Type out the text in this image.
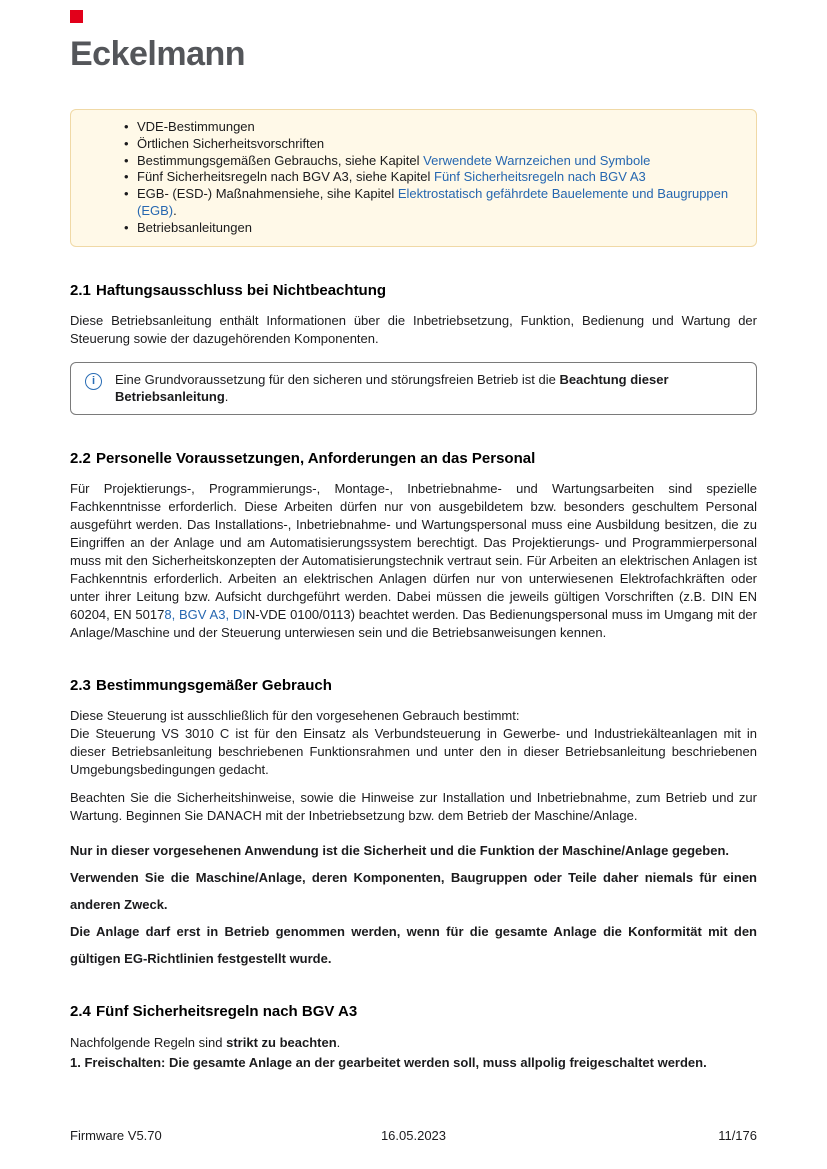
Eckelmann
• VDE-Bestimmungen
• Örtlichen Sicherheitsvorschriften
• Bestimmungsgemäßen Gebrauchs, siehe Kapitel Verwendete Warnzeichen und Symbole
• Fünf Sicherheitsregeln nach BGV A3, siehe Kapitel Fünf Sicherheitsregeln nach BGV A3
• EGB- (ESD-) Maßnahmensiehe, sihe Kapitel Elektrostatisch gefährdete Bauelemente und Baugruppen (EGB).
• Betriebsanleitungen
2.1 Haftungsausschluss bei Nichtbeachtung

Diese Betriebsanleitung enthält Informationen über die Inbetriebsetzung, Funktion, Bedienung und Wartung der Steuerung sowie der dazugehörenden Komponenten.

i	Eine Grundvoraussetzung für den sicheren und störungsfreien Betrieb ist die Beachtung dieser Betriebsanleitung.

2.2 Personelle Voraussetzungen, Anforderungen an das Personal

Für Projektierungs-, Programmierungs-, Montage-, Inbetriebnahme- und Wartungsarbeiten sind spezielle Fachkenntnisse erforderlich. Diese Arbeiten dürfen nur von ausgebildetem bzw. besonders geschultem Personal ausgeführt werden. Das Installations-, Inbetriebnahme- und Wartungspersonal muss eine Ausbildung besitzen, die zu Eingriffen an der Anlage und am Automatisierungssystem berechtigt. Das Projektierungs- und Programmierpersonal muss mit den Sicherheitskonzepten der Automatisierungstechnik vertraut sein. Für Arbeiten an elektrischen Anlagen ist Fachkenntnis erforderlich. Arbeiten an elektrischen Anlagen dürfen nur von unterwiesenen Elektrofachkräften oder unter ihrer Leitung bzw. Aufsicht durchgeführt werden. Dabei müssen die jeweils gültigen Vorschriften (z.B. DIN EN 60204, EN 50178, BGV A3, DIN-VDE 0100/0113) beachtet werden. Das Bedienungspersonal muss im Umgang mit der Anlage/Maschine und der Steuerung unterwiesen sein und die Betriebsanweisungen kennen.

2.3 Bestimmungsgemäßer Gebrauch

Diese Steuerung ist ausschließlich für den vorgesehenen Gebrauch bestimmt:
Die Steuerung VS 3010 C ist für den Einsatz als Verbundsteuerung in Gewerbe- und Industriekälteanlagen mit in dieser Betriebsanleitung beschriebenen Funktionsrahmen und unter den in dieser Betriebsanleitung beschriebenen Umgebungsbedingungen gedacht.

Beachten Sie die Sicherheitshinweise, sowie die Hinweise zur Installation und Inbetriebnahme, zum Betrieb und zur Wartung. Beginnen Sie DANACH mit der Inbetriebsetzung bzw. dem Betrieb der Maschine/Anlage.

Nur in dieser vorgesehenen Anwendung ist die Sicherheit und die Funktion der Maschine/Anlage gegeben.

Verwenden Sie die Maschine/Anlage, deren Komponenten, Baugruppen oder Teile daher niemals für einen anderen Zweck.

Die Anlage darf erst in Betrieb genommen werden, wenn für die gesamte Anlage die Konformität mit den gültigen EG-Richtlinien festgestellt wurde.

2.4 Fünf Sicherheitsregeln nach BGV A3

Nachfolgende Regeln sind strikt zu beachten.

1. Freischalten: Die gesamte Anlage an der gearbeitet werden soll, muss allpolig freigeschaltet werden.

Firmware V5.70	16.05.2023	11/176
